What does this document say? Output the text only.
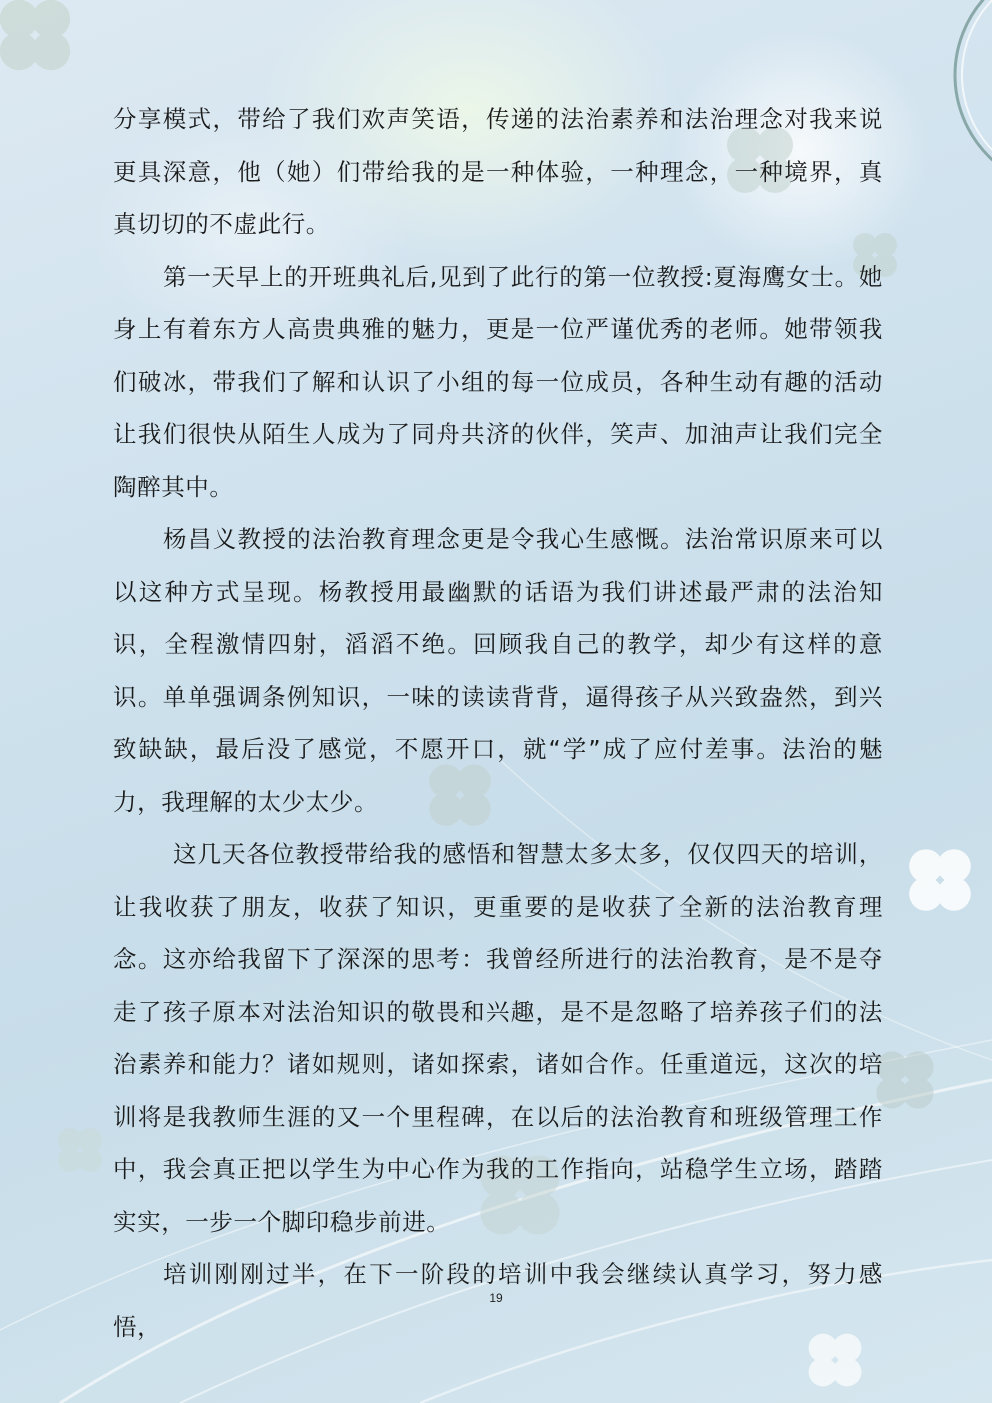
分享模式，带给了我们欢声笑语，传递的法治素养和法治理念对我来说更具深意，他（她）们带给我的是一种体验，一种理念，一种境界，真真切切的不虚此行。

第一天早上的开班典礼后,见到了此行的第一位教授:夏海鹰女士。她身上有着东方人高贵典雅的魅力，更是一位严谨优秀的老师。她带领我们破冰，带我们了解和认识了小组的每一位成员，各种生动有趣的活动让我们很快从陌生人成为了同舟共济的伙伴，笑声、加油声让我们完全陶醉其中。

杨昌义教授的法治教育理念更是令我心生感慨。法治常识原来可以以这种方式呈现。杨教授用最幽默的话语为我们讲述最严肃的法治知识，全程激情四射，滔滔不绝。回顾我自己的教学，却少有这样的意识。单单强调条例知识，一味的读读背背，逼得孩子从兴致盎然，到兴致缺缺，最后没了感觉，不愿开口，就“学”成了应付差事。法治的魅力，我理解的太少太少。

这几天各位教授带给我的感悟和智慧太多太多，仅仅四天的培训，让我收获了朋友，收获了知识，更重要的是收获了全新的法治教育理念。这亦给我留下了深深的思考：我曾经所进行的法治教育，是不是夺走了孩子原本对法治知识的敬畏和兴趣，是不是忽略了培养孩子们的法治素养和能力？诸如规则，诸如探索，诸如合作。任重道远，这次的培训将是我教师生涯的又一个里程碑，在以后的法治教育和班级管理工作中，我会真正把以学生为中心作为我的工作指向，站稳学生立场，踏踏实实，一步一个脚印稳步前进。

培训刚刚过半，在下一阶段的培训中我会继续认真学习，努力感悟，

19
